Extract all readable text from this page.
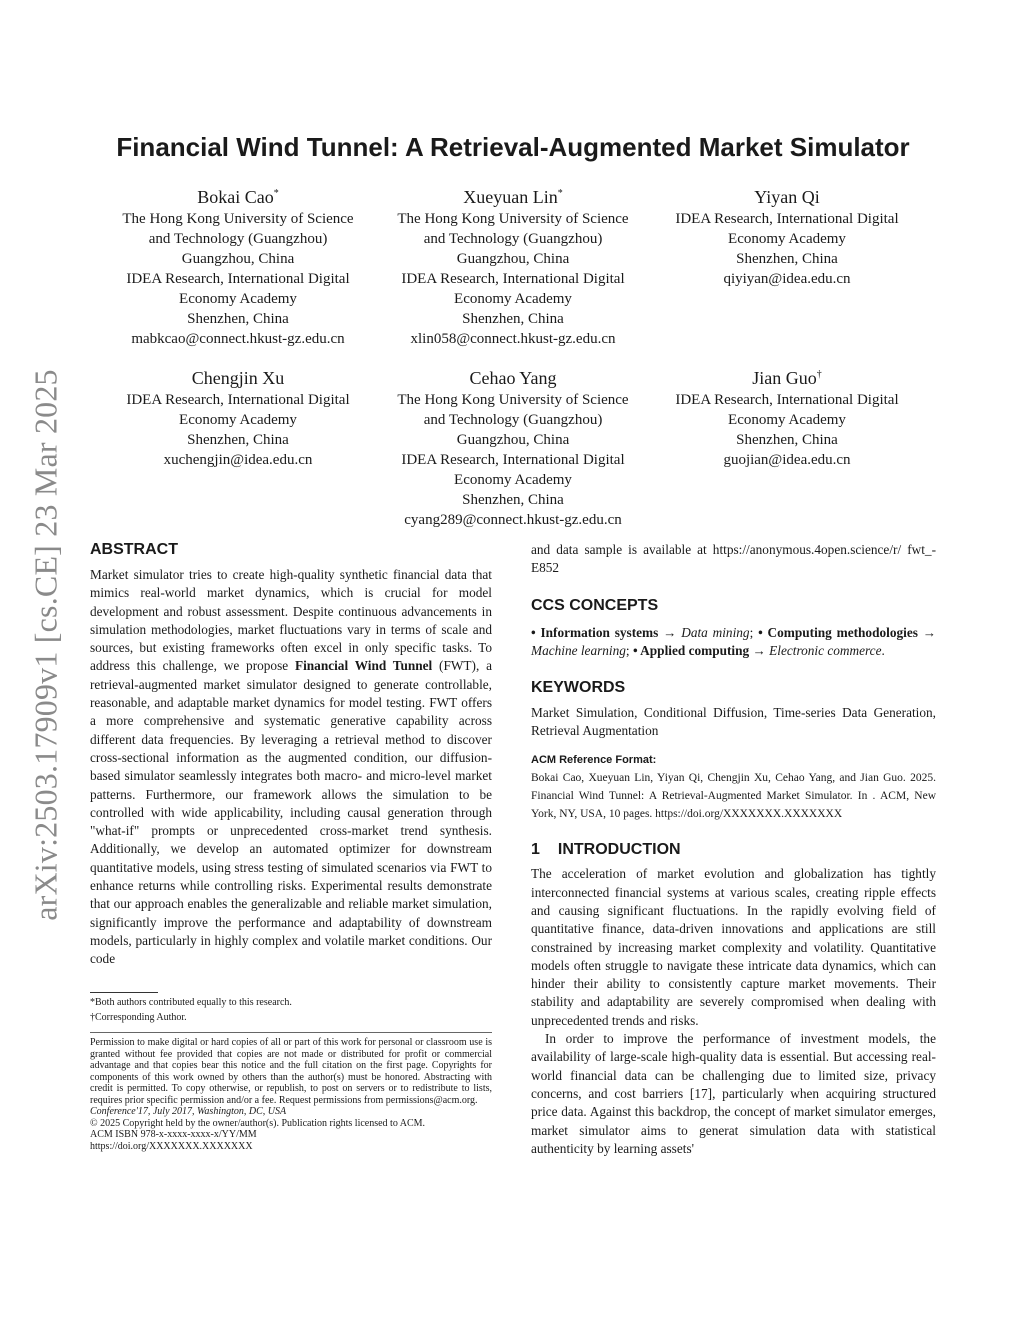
arXiv:2503.17909v1 [cs.CE] 23 Mar 2025
Financial Wind Tunnel: A Retrieval-Augmented Market Simulator
Bokai Cao*
The Hong Kong University of Science
and Technology (Guangzhou)
Guangzhou, China
IDEA Research, International Digital
Economy Academy
Shenzhen, China
mabkcao@connect.hkust-gz.edu.cn
Xueyuan Lin*
The Hong Kong University of Science
and Technology (Guangzhou)
Guangzhou, China
IDEA Research, International Digital
Economy Academy
Shenzhen, China
xlin058@connect.hkust-gz.edu.cn
Yiyan Qi
IDEA Research, International Digital
Economy Academy
Shenzhen, China
qiyiyan@idea.edu.cn
Chengjin Xu
IDEA Research, International Digital
Economy Academy
Shenzhen, China
xuchengjin@idea.edu.cn
Cehao Yang
The Hong Kong University of Science
and Technology (Guangzhou)
Guangzhou, China
IDEA Research, International Digital
Economy Academy
Shenzhen, China
cyang289@connect.hkust-gz.edu.cn
Jian Guo†
IDEA Research, International Digital
Economy Academy
Shenzhen, China
guojian@idea.edu.cn
ABSTRACT

Market simulator tries to create high-quality synthetic financial data that mimics real-world market dynamics, which is crucial for model development and robust assessment. Despite continuous advancements in simulation methodologies, market fluctuations vary in terms of scale and sources, but existing frameworks often excel in only specific tasks. To address this challenge, we propose Financial Wind Tunnel (FWT), a retrieval-augmented market simulator designed to generate controllable, reasonable, and adaptable market dynamics for model testing. FWT offers a more comprehensive and systematic generative capability across different data frequencies. By leveraging a retrieval method to discover cross-sectional information as the augmented condition, our diffusion-based simulator seamlessly integrates both macro- and micro-level market patterns. Furthermore, our framework allows the simulation to be controlled with wide applicability, including causal generation through "what-if" prompts or unprecedented cross-market trend synthesis. Additionally, we develop an automated optimizer for downstream quantitative models, using stress testing of simulated scenarios via FWT to enhance returns while controlling risks. Experimental results demonstrate that our approach enables the generalizable and reliable market simulation, significantly improve the performance and adaptability of downstream models, particularly in highly complex and volatile market conditions. Our code

*Both authors contributed equally to this research.
†Corresponding Author.

Permission to make digital or hard copies of all or part of this work for personal or classroom use is granted without fee provided that copies are not made or distributed for profit or commercial advantage and that copies bear this notice and the full citation on the first page. Copyrights for components of this work owned by others than the author(s) must be honored. Abstracting with credit is permitted. To copy otherwise, or republish, to post on servers or to redistribute to lists, requires prior specific permission and/or a fee. Request permissions from permissions@acm.org.

Conference'17, July 2017, Washington, DC, USA

© 2025 Copyright held by the owner/author(s). Publication rights licensed to ACM.

ACM ISBN 978-x-xxxx-xxxx-x/YY/MM

https://doi.org/XXXXXXX.XXXXXXX

and data sample is available at https://anonymous.4open.science/r/ fwt_-E852

CCS CONCEPTS

• Information systems → Data mining; • Computing methodologies → Machine learning; • Applied computing → Electronic commerce.

KEYWORDS

Market Simulation, Conditional Diffusion, Time-series Data Generation, Retrieval Augmentation

ACM Reference Format:

Bokai Cao, Xueyuan Lin, Yiyan Qi, Chengjin Xu, Cehao Yang, and Jian Guo. 2025. Financial Wind Tunnel: A Retrieval-Augmented Market Simulator. In . ACM, New York, NY, USA, 10 pages. https://doi.org/XXXXXXX.XXXXXXX

1 INTRODUCTION

The acceleration of market evolution and globalization has tightly interconnected financial systems at various scales, creating ripple effects and causing significant fluctuations. In the rapidly evolving field of quantitative finance, data-driven innovations and applications are still constrained by increasing market complexity and volatility. Quantitative models often struggle to navigate these intricate data dynamics, which can hinder their ability to consistently capture market movements. Their stability and adaptability are severely compromised when dealing with unprecedented trends and risks.

In order to improve the performance of investment models, the availability of large-scale high-quality data is essential. But accessing real-world financial data can be challenging due to limited size, privacy concerns, and cost barriers [17], particularly when acquiring structured price data. Against this backdrop, the concept of market simulator emerges, market simulator aims to generat simulation data with statistical authenticity by learning assets'
